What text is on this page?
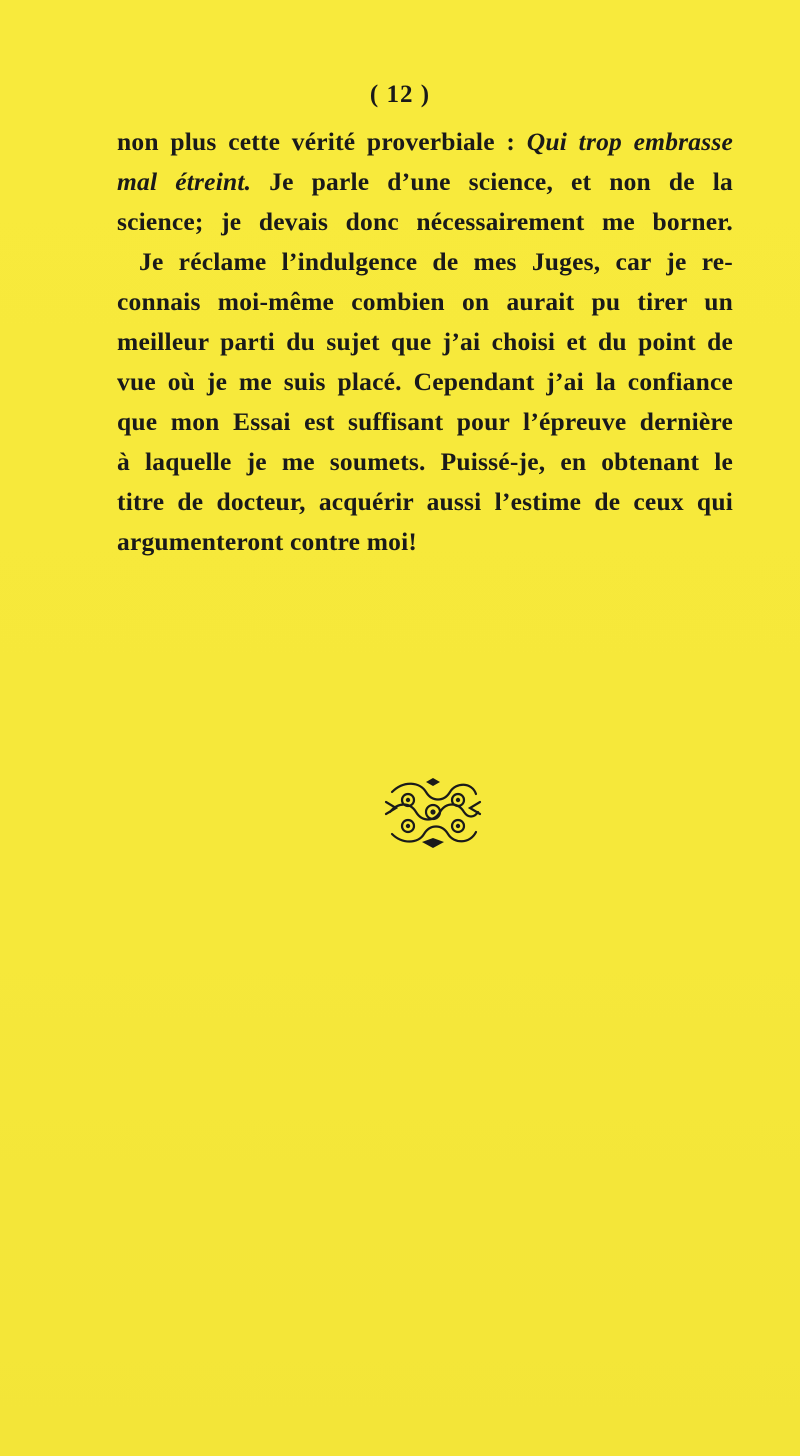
( 12 )
non plus cette vérité proverbiale : Qui trop embrasse
mal étreint. Je parle d’une science, et non de la
science; je devais donc nécessairement me borner.
Je réclame l’indulgence de mes Juges, car je re-
connais moi-même combien on aurait pu tirer un
meilleur parti du sujet que j’ai choisi et du point de
vue où je me suis placé. Cependant j’ai la confiance
que mon Essai est suffisant pour l’épreuve dernière
à laquelle je me soumets. Puissé-je, en obtenant le
titre de docteur, acquérir aussi l’estime de ceux qui
argumenteront contre moi!
